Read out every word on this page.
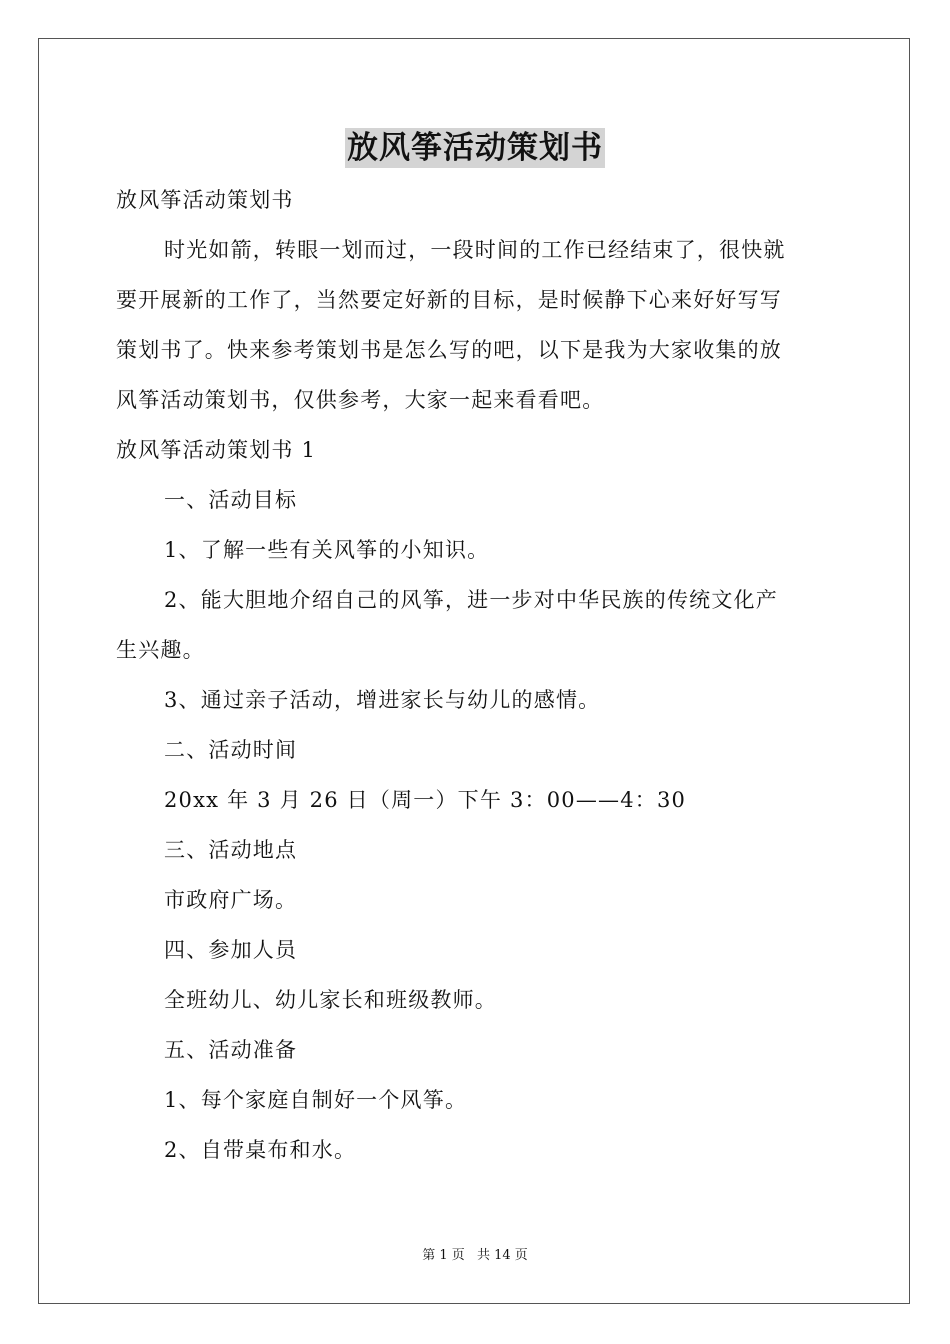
放风筝活动策划书
放风筝活动策划书
时光如箭，转眼一划而过，一段时间的工作已经结束了，很快就
要开展新的工作了，当然要定好新的目标，是时候静下心来好好写写
策划书了。快来参考策划书是怎么写的吧，以下是我为大家收集的放
风筝活动策划书，仅供参考，大家一起来看看吧。
放风筝活动策划书 1
一、活动目标
1、了解一些有关风筝的小知识。
2、能大胆地介绍自己的风筝，进一步对中华民族的传统文化产
生兴趣。
3、通过亲子活动，增进家长与幼儿的感情。
二、活动时间
20xx 年 3 月 26 日（周一）下午 3：00——4：30
三、活动地点
市政府广场。
四、参加人员
全班幼儿、幼儿家长和班级教师。
五、活动准备
1、每个家庭自制好一个风筝。
2、自带桌布和水。
第 1 页 共 14 页
